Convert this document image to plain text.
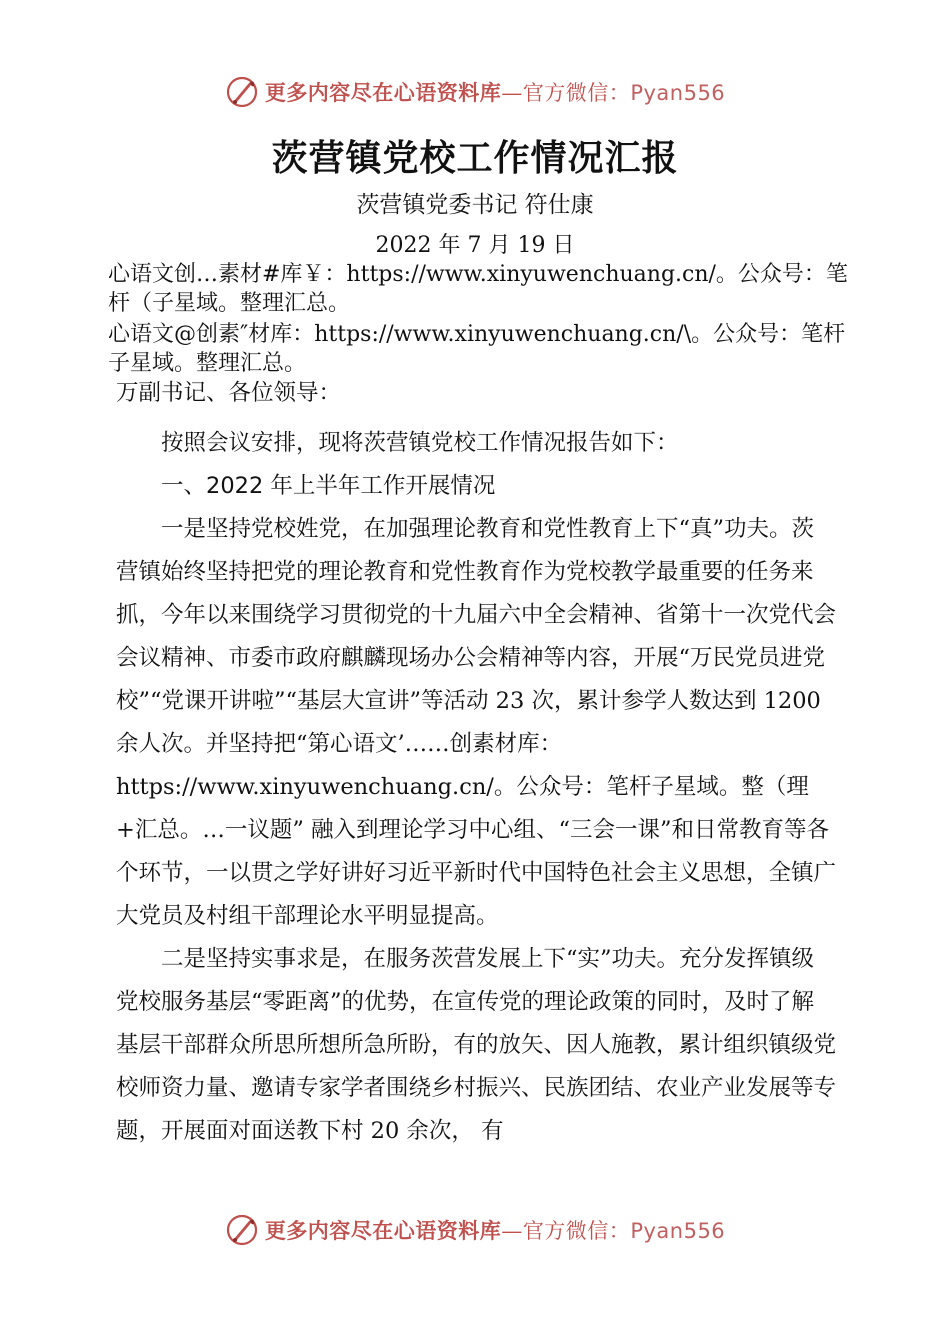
更多内容尽在心语资料库—官方微信：Pyan556
茨营镇党校工作情况汇报
茨营镇党委书记 符仕康
2022 年 7 月 19 日

心语文创…素材#库￥：https://www.xinyuwenchuang.cn/。公众号：笔杆（子星域。整理汇总。

心语文@创素″材库：https://www.xinyuwenchuang.cn/\。公众号：笔杆子星域。整理汇总。

万副书记、各位领导：

按照会议安排，现将茨营镇党校工作情况报告如下：

一、2022 年上半年工作开展情况

一是坚持党校姓党，在加强理论教育和党性教育上下“真”功夫。茨营镇始终坚持把党的理论教育和党性教育作为党校教学最重要的任务来抓，今年以来围绕学习贯彻党的十九届六中全会精神、省第十一次党代会会议精神、市委市政府麒麟现场办公会精神等内容，开展“万民党员进党校”“党课开讲啦”“基层大宣讲”等活动 23 次，累计参学人数达到 1200 余人次。并坚持把“第心语文’……创素材库：https://www.xinyuwenchuang.cn/。公众号：笔杆子星域。整（理+汇总。…一议题” 融入到理论学习中心组、“三会一课”和日常教育等各个环节，一以贯之学好讲好习近平新时代中国特色社会主义思想，全镇广大党员及村组干部理论水平明显提高。

二是坚持实事求是，在服务茨营发展上下“实”功夫。充分发挥镇级党校服务基层“零距离”的优势，在宣传党的理论政策的同时，及时了解基层干部群众所思所想所急所盼，有的放矢、因人施教，累计组织镇级党校师资力量、邀请专家学者围绕乡村振兴、民族团结、农业产业发展等专题，开展面对面送教下村 20 余次， 有

更多内容尽在心语资料库—官方微信：Pyan556
